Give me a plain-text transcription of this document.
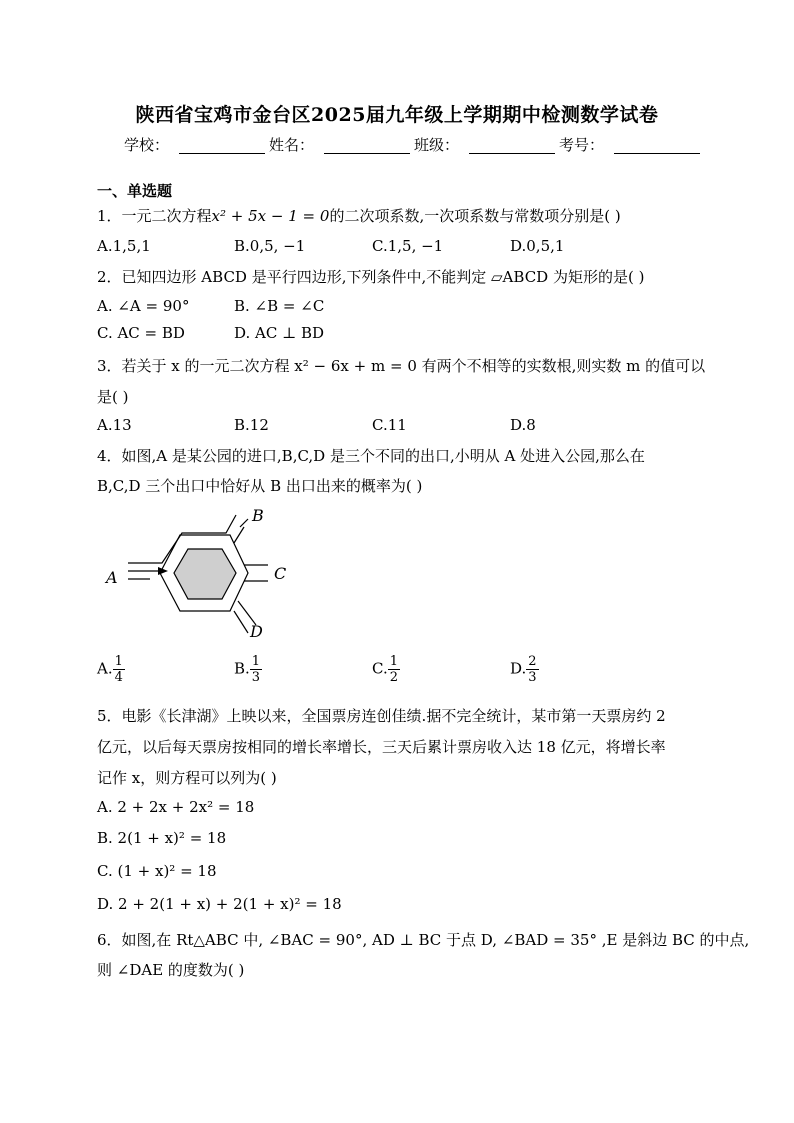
陕西省宝鸡市金台区2025届九年级上学期期中检测数学试卷
学校：	姓名：	班级：	考号：
一、单选题
1．一元二次方程x² + 5x − 1 = 0的二次项系数,一次项系数与常数项分别是( )
A.1,5,1	B.0,5, −1	C.1,5, −1	D.0,5,1
2．已知四边形 ABCD 是平行四边形,下列条件中,不能判定 ▱ABCD 为矩形的是( )
A. ∠A = 90°	B. ∠B = ∠C
C. AC = BD	D. AC ⊥ BD
3．若关于 x 的一元二次方程 x² − 6x + m = 0 有两个不相等的实数根,则实数 m 的值可以
是( )
A.13	B.12	C.11	D.8
4．如图,A 是某公园的进口,B,C,D 是三个不同的出口,小明从 A 处进入公园,那么在
B,C,D 三个出口中恰好从 B 出口出来的概率为( )
A
B
C
D
A. $\frac{1}{4}$	B. $\frac{1}{3}$	C. $\frac{1}{2}$	D. $\frac{2}{3}$
5．电影《长津湖》上映以来，全国票房连创佳绩.据不完全统计，某市第一天票房约 2
亿元，以后每天票房按相同的增长率增长，三天后累计票房收入达 18 亿元，将增长率
记作 x，则方程可以列为( )
A. 2 + 2x + 2x² = 18
B. 2(1 + x)² = 18
C. (1 + x)² = 18
D. 2 + 2(1 + x) + 2(1 + x)² = 18
6．如图,在 Rt△ABC 中, ∠BAC = 90°, AD ⊥ BC 于点 D, ∠BAD = 35° ,E 是斜边 BC 的中点,
则 ∠DAE 的度数为( )
